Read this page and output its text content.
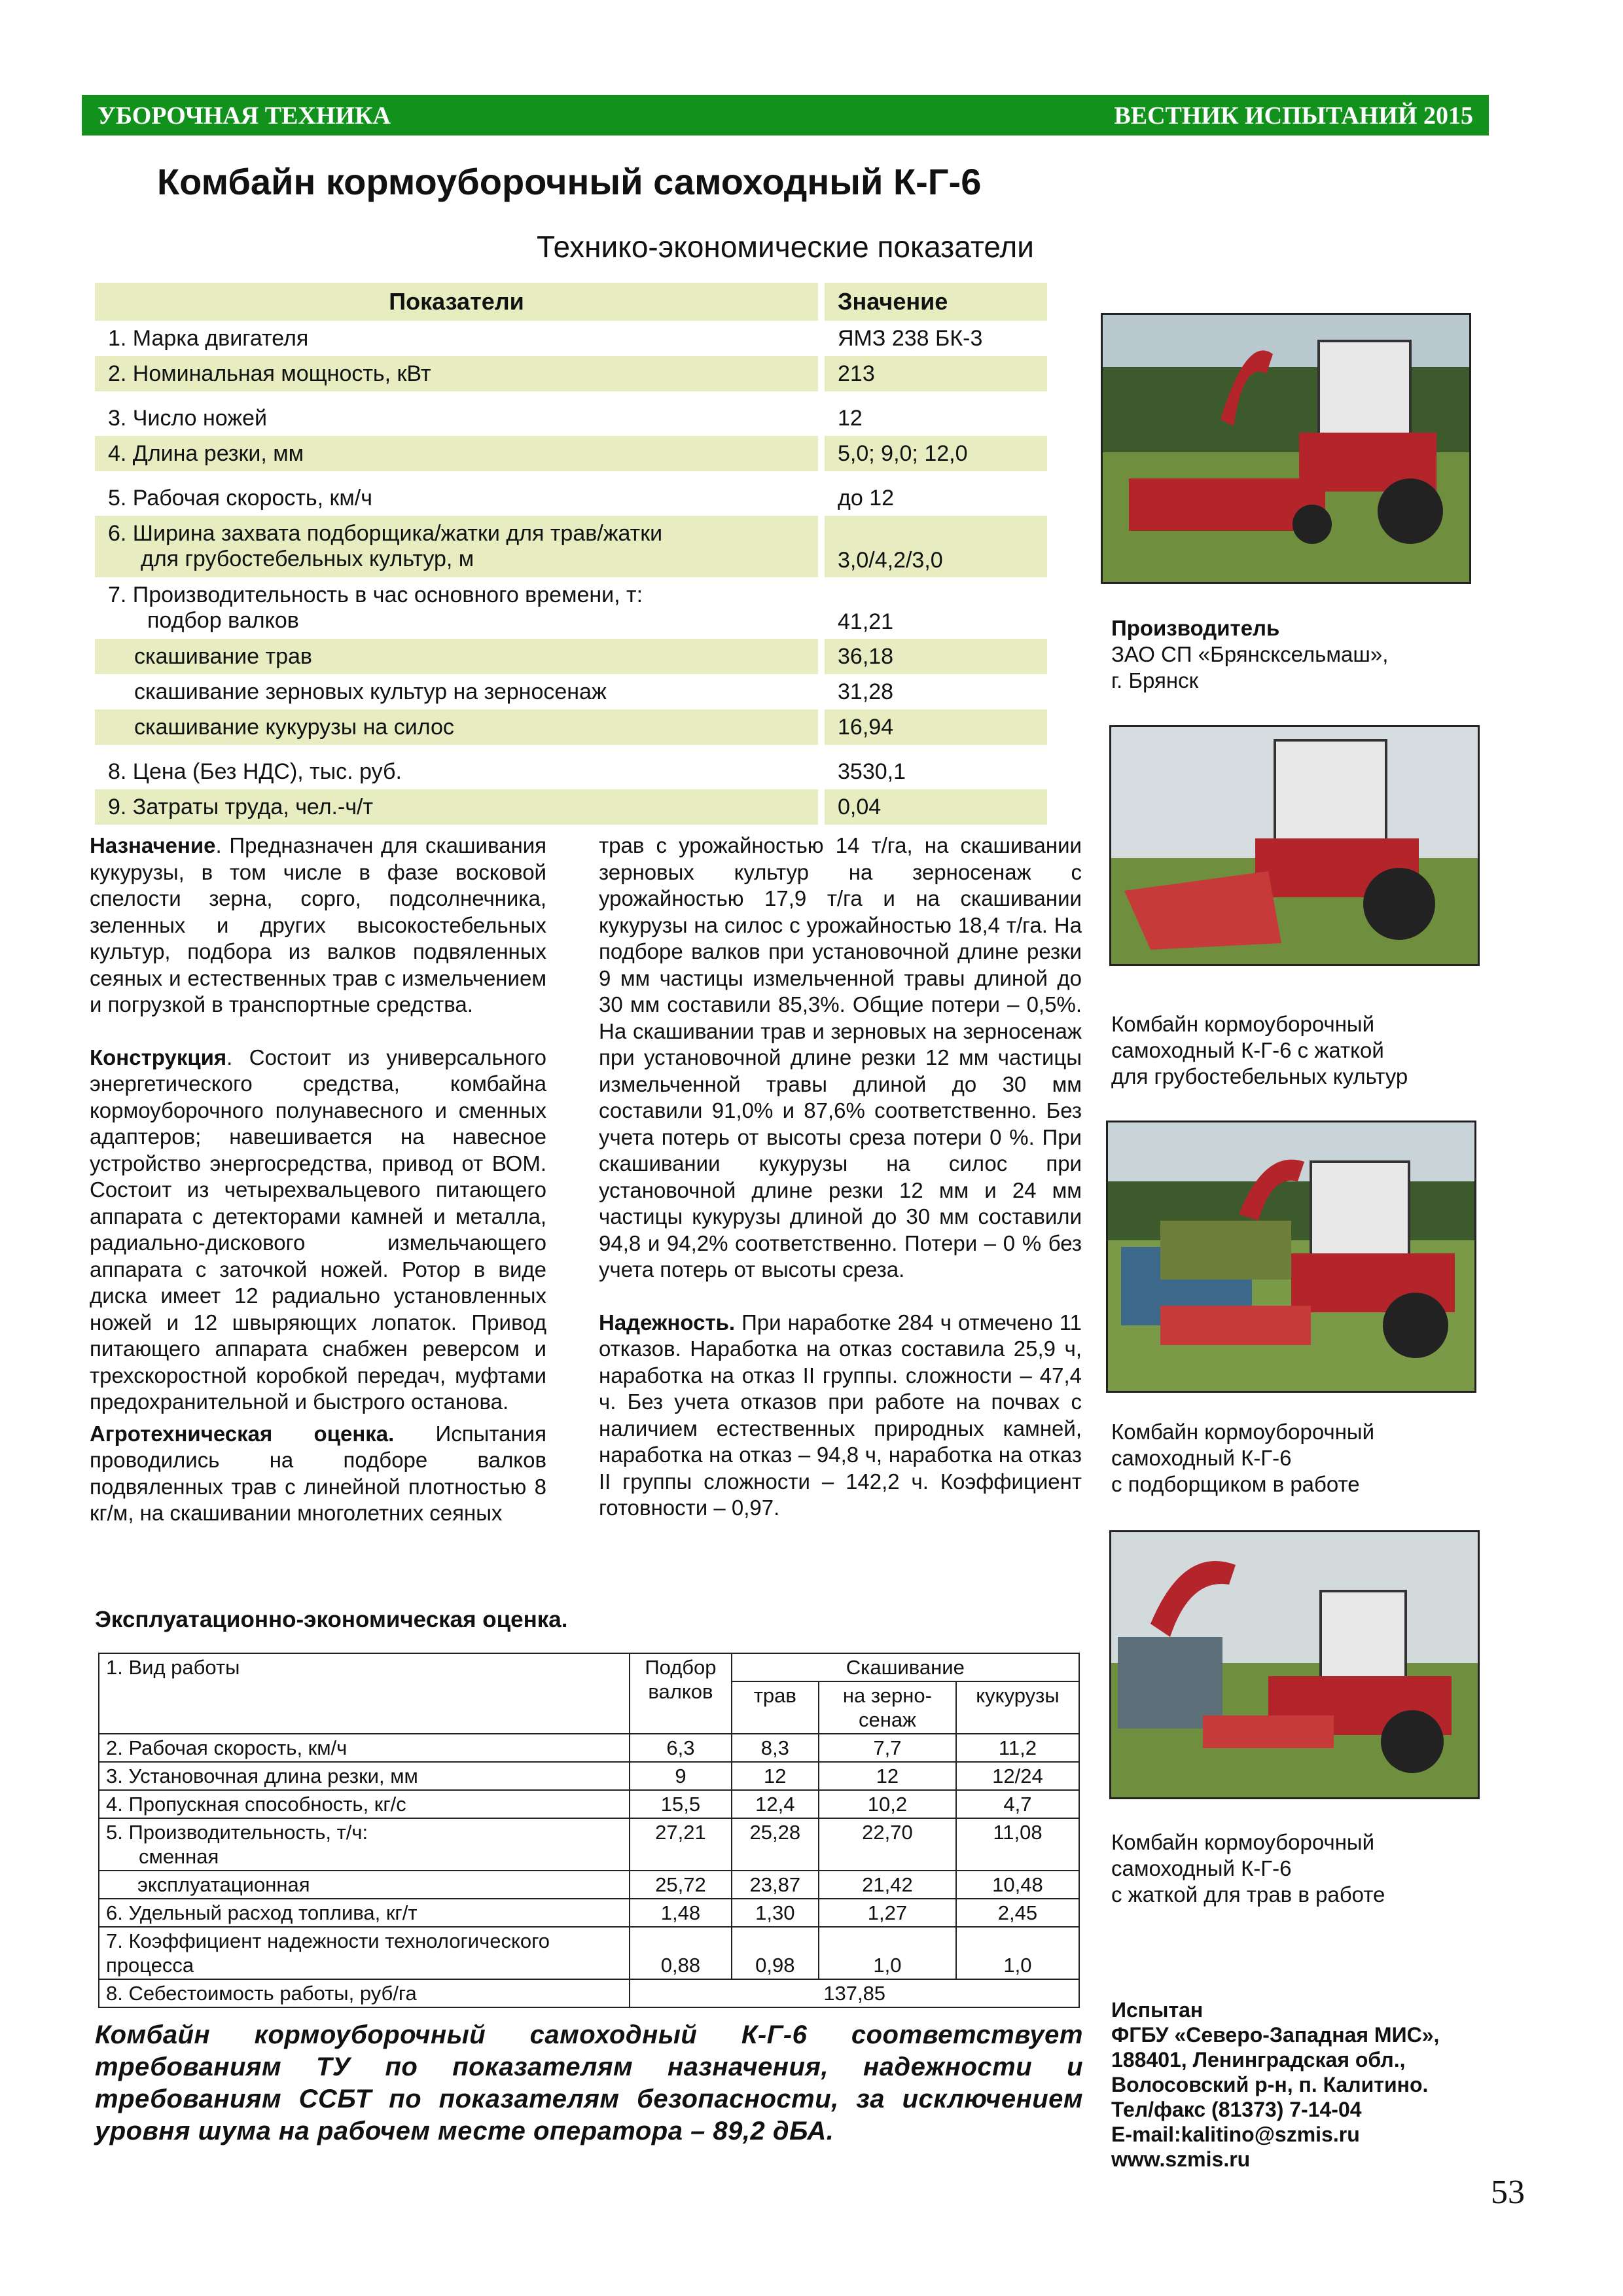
УБОРОЧНАЯ ТЕХНИКА	ВЕСТНИК ИСПЫТАНИЙ 2015
Комбайн кормоуборочный самоходный К-Г-6
Технико-экономические показатели
Показатели	Значение
1. Марка двигателя	ЯМЗ 238 БК-3
2. Номинальная мощность, кВт	213

3. Число ножей	12
4. Длина резки, мм	5,0; 9,0; 12,0

5. Рабочая скорость, км/ч	до 12

6. Ширина захвата подборщика/жатки для трав/жатки
для грубостебельных культур, м	3,0/4,2/3,0

7. Производительность в час основного времени, т:
подбор валков	41,21
скашивание трав	36,18
скашивание зерновых культур на зерносенаж	31,28
скашивание кукурузы на силос	16,94

8. Цена (Без НДС), тыс. руб.	3530,1
9. Затраты труда, чел.-ч/т	0,04

Назначение. Предназначен для скашивания кукурузы, в том числе в фазе восковой спелости зерна, сорго, подсолнечника, зеленных и других высокостебельных культур, подбора из валков подвяленных сеяных и естественных трав с измельчением и погрузкой в транспортные средства.

Конструкция. Состоит из универсального энергетического средства, комбайна кормоуборочного полунавесного и сменных адаптеров; навешивается на навесное устройство энергосредства, привод от ВОМ. Состоит из четырехвальцевого питающего аппарата с детекторами камней и металла, радиально-дискового измельчающего аппарата с заточкой ножей. Ротор в виде диска имеет 12 радиально установленных ножей и 12 швыряющих лопаток. Привод питающего аппарата снабжен реверсом и трехскоростной коробкой передач, муфтами предохранительной и быстрого останова.

Агротехническая оценка. Испытания проводились на подборе валков подвяленных трав с линейной плотностью 8 кг/м, на скашивании многолетних сеяных

трав с урожайностью 14 т/га, на скашивании зерновых культур на зерносенаж с урожайностью 17,9 т/га и на скашивании кукурузы на силос с урожайностью 18,4 т/га. На подборе валков при установочной длине резки 9 мм частицы измельченной травы длиной до 30 мм составили 85,3%. Общие потери – 0,5%. На скашивании трав и зерновых на зерносенаж при установочной длине резки 12 мм частицы измельченной травы длиной до 30 мм составили 91,0% и 87,6% соответственно. Без учета потерь от высоты среза потери 0 %. При скашивании кукурузы на силос при установочной длине резки 12 мм и 24 мм частицы кукурузы длиной до 30 мм составили 94,8 и 94,2% соответственно. Потери – 0 % без учета потерь от высоты среза.

Надежность. При наработке 284 ч отмечено 11 отказов. Наработка на отказ составила 25,9 ч, наработка на отказ II группы. сложности – 47,4 ч. Без учета отказов при работе на почвах с наличием естественных природных камней, наработка на отказ – 94,8 ч, наработка на отказ II группы сложности – 142,2 ч. Коэффициент готовности – 0,97.

Эксплуатационно-экономическая оценка.
1. Вид работы	Подбор валков	Скашивание		
		трав	на зерно-сенаж	кукурузы
2. Рабочая скорость, км/ч	6,3	8,3	7,7	11,2
3. Установочная длина резки, мм	9	12	12	12/24
4. Пропускная способность, кг/с	15,5	12,4	10,2	4,7

5. Производительность, т/ч:
сменная	27,21	25,28	22,70	11,08
эксплуатационная	25,72	23,87	21,42	10,48
6. Удельный расход топлива, кг/т	1,48	1,30	1,27	2,45
7. Коэффициент надежности технологического процесса	0,88	0,98	1,0	1,0
8. Себестоимость работы, руб/га	137,85			
Комбайн кормоуборочный самоходный К-Г-6 соответствует требованиям ТУ по показателям назначения, надежности и требованиям ССБТ по показателям безопасности, за исключением уровня шума на рабочем месте оператора – 89,2 дБА.
Производитель
ЗАО СП «Брянсксельмаш»,
г. Брянск
Комбайн кормоуборочный
самоходный К-Г-6 с жаткой
для грубостебельных культур
Комбайн кормоуборочный
самоходный К-Г-6
с подборщиком в работе
Комбайн кормоуборочный
самоходный К-Г-6
с жаткой для трав в работе
Испытан
ФГБУ «Северо-Западная МИС»,
188401, Ленинградская обл.,
Волосовский р-н, п. Калитино.
Тел/факс (81373) 7-14-04
E-mail:kalitino@szmis.ru
www.szmis.ru
53
